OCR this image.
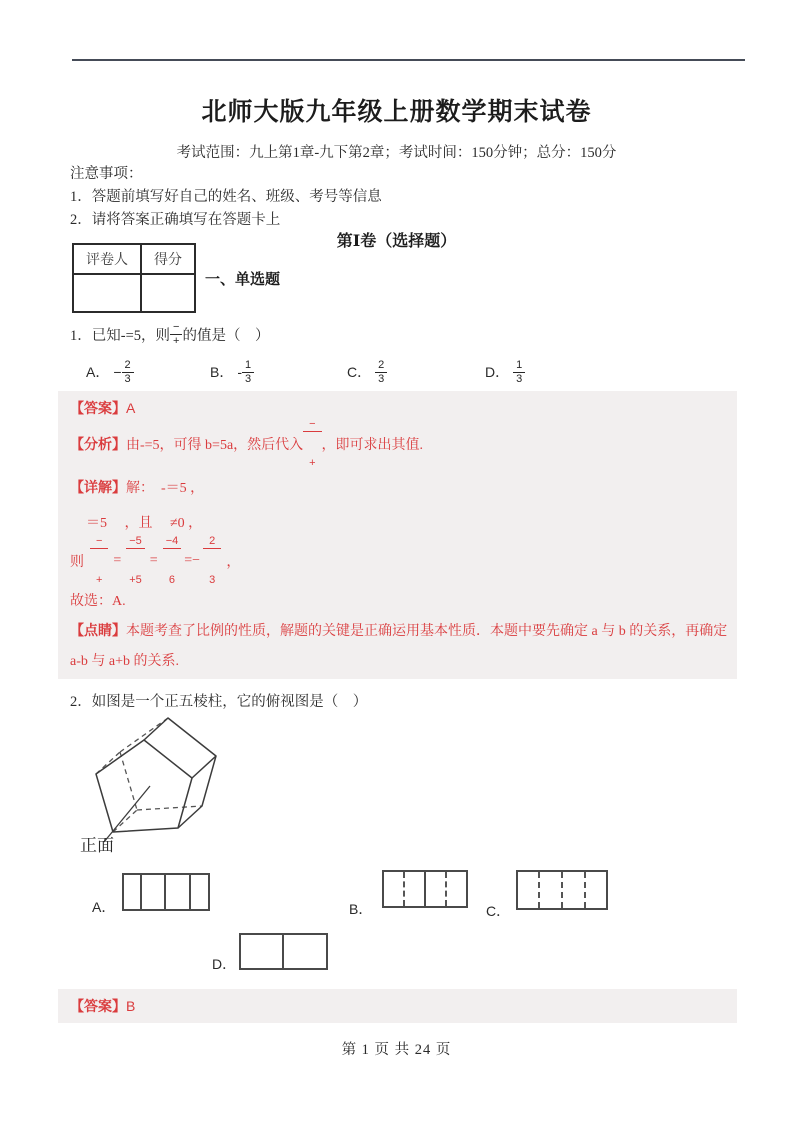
北师大版九年级上册数学期末试卷
考试范围：九上第1章-九下第2章；考试时间：150分钟；总分：150分
注意事项：
1．答题前填写好自己的姓名、班级、考号等信息
2．请将答案正确填写在答题卡上
第Ⅰ卷（选择题）
评卷人	得分

一、单选题
1．已知-=5，则 $\frac{-}{+}$ 的值是（　）
A． − $\frac{2}{3}$	B． - $\frac{1}{3}$	C． $\frac{2}{3}$	D． $\frac{1}{3}$
【答案】A
【分析】 由-=5，可得 b=5a，然后代入

$\frac{-}{+}$

，即可求出其值.
【详解】解：　-＝5 ，
＝5 　，且　 ≠0 ，
则

$\frac{-}{+}$

=

$\frac{-5}{+5}$

=

$\frac{-4}{6}$

=−

$\frac{2}{3}$

，
故选：A.
【点睛】本题考查了比例的性质，解题的关键是正确运用基本性质．本题中要先确定 a 与 b 的关系，再确定 a-b 与 a+b 的关系.
2．如图是一个正五棱柱，它的俯视图是（　）
正面
A．	B．	C．
D．
【答案】B
第 1 页 共 24 页
